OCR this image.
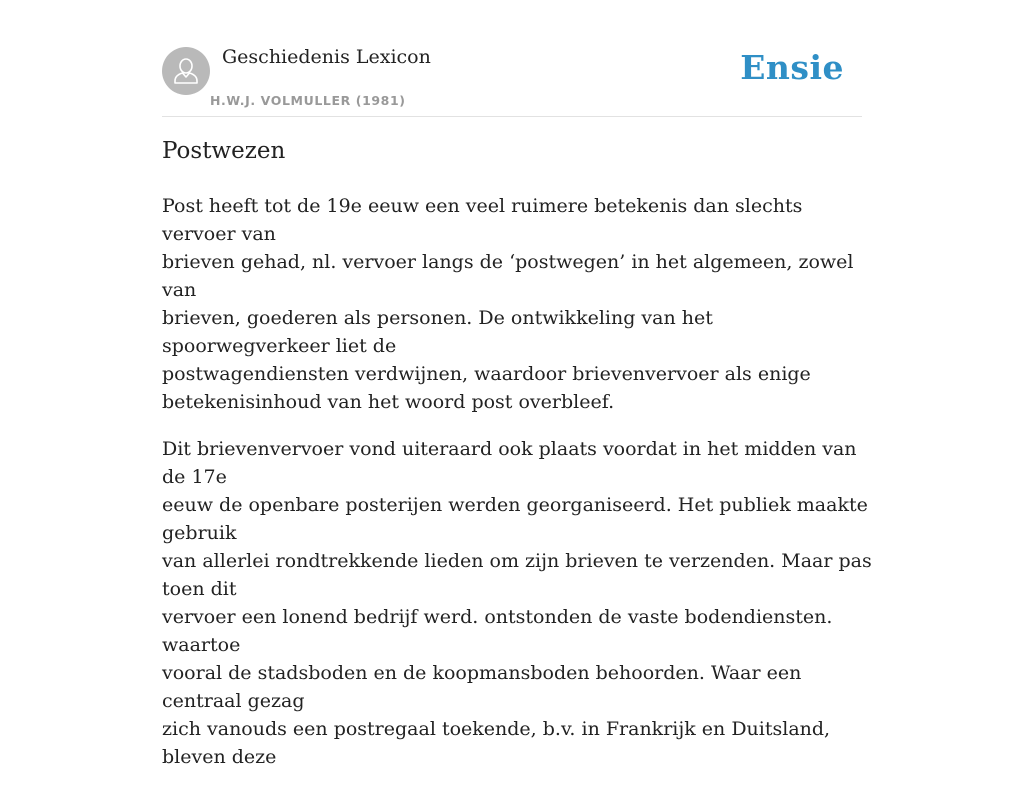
Geschiedenis Lexicon
H.W.J. VOLMULLER (1981)
Ensie
Postwezen

Post heeft tot de 19e eeuw een veel ruimere betekenis dan slechts vervoer van
brieven gehad, nl. vervoer langs de ‘postwegen’ in het algemeen, zowel van
brieven, goederen als personen. De ontwikkeling van het spoorwegverkeer liet de
postwagendiensten verdwijnen, waardoor brievenvervoer als enige
betekenisinhoud van het woord post overbleef.

Dit brievenvervoer vond uiteraard ook plaats voordat in het midden van de 17e
eeuw de openbare posterijen werden georganiseerd. Het publiek maakte gebruik
van allerlei rondtrekkende lieden om zijn brieven te verzenden. Maar pas toen dit
vervoer een lonend bedrijf werd. ontstonden de vaste bodendiensten. waartoe
vooral de stadsboden en de koopmansboden behoorden. Waar een centraal gezag
zich vanouds een postregaal toekende, b.v. in Frankrijk en Duitsland, bleven deze
